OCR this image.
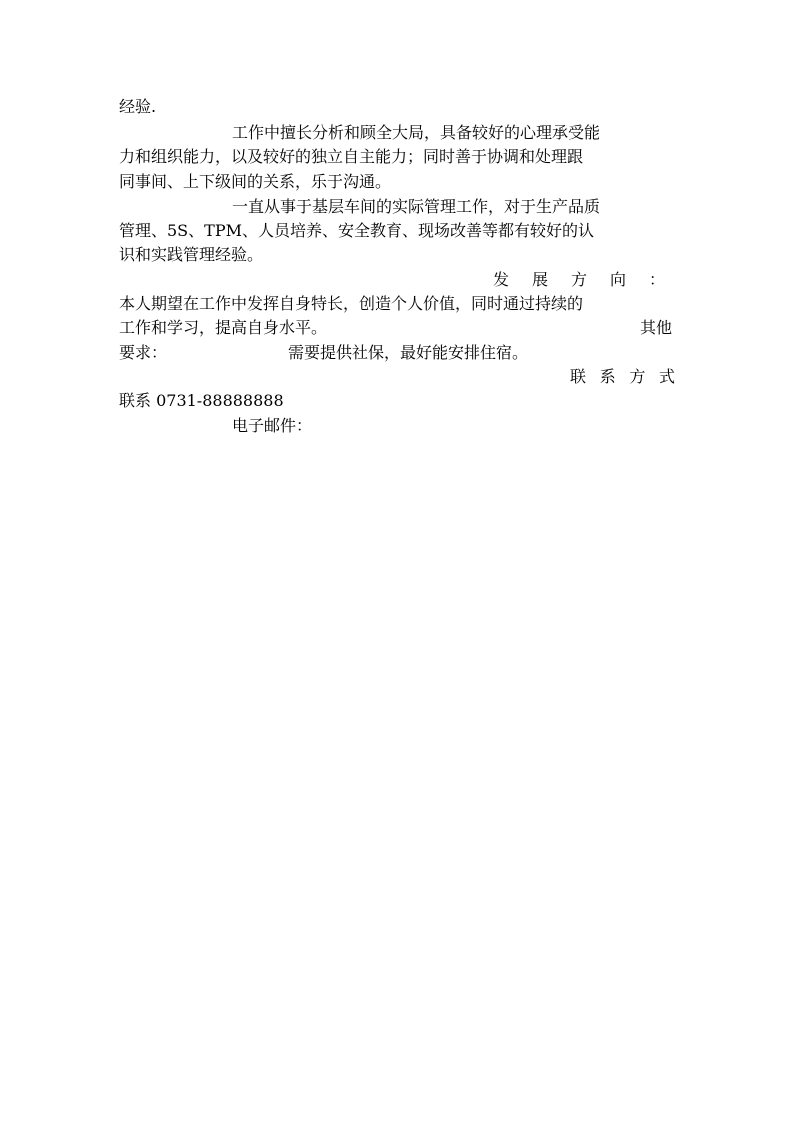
经验.
工作中擅长分析和顾全大局，具备较好的心理承受能
力和组织能力，以及较好的独立自主能力；同时善于协调和处理跟
同事间、上下级间的关系，乐于沟通。
一直从事于基层车间的实际管理工作，对于生产品质
管理、5S、TPM、人员培养、安全教育、现场改善等都有较好的认
识和实践管理经验。
发 展 方 向 ：
本人期望在工作中发挥自身特长，创造个人价值，同时通过持续的
工作和学习，提高自身水平。	其他
要求：	需要提供社保，最好能安排住宿。
联 系 方 式
联系 0731-88888888
电子邮件：
